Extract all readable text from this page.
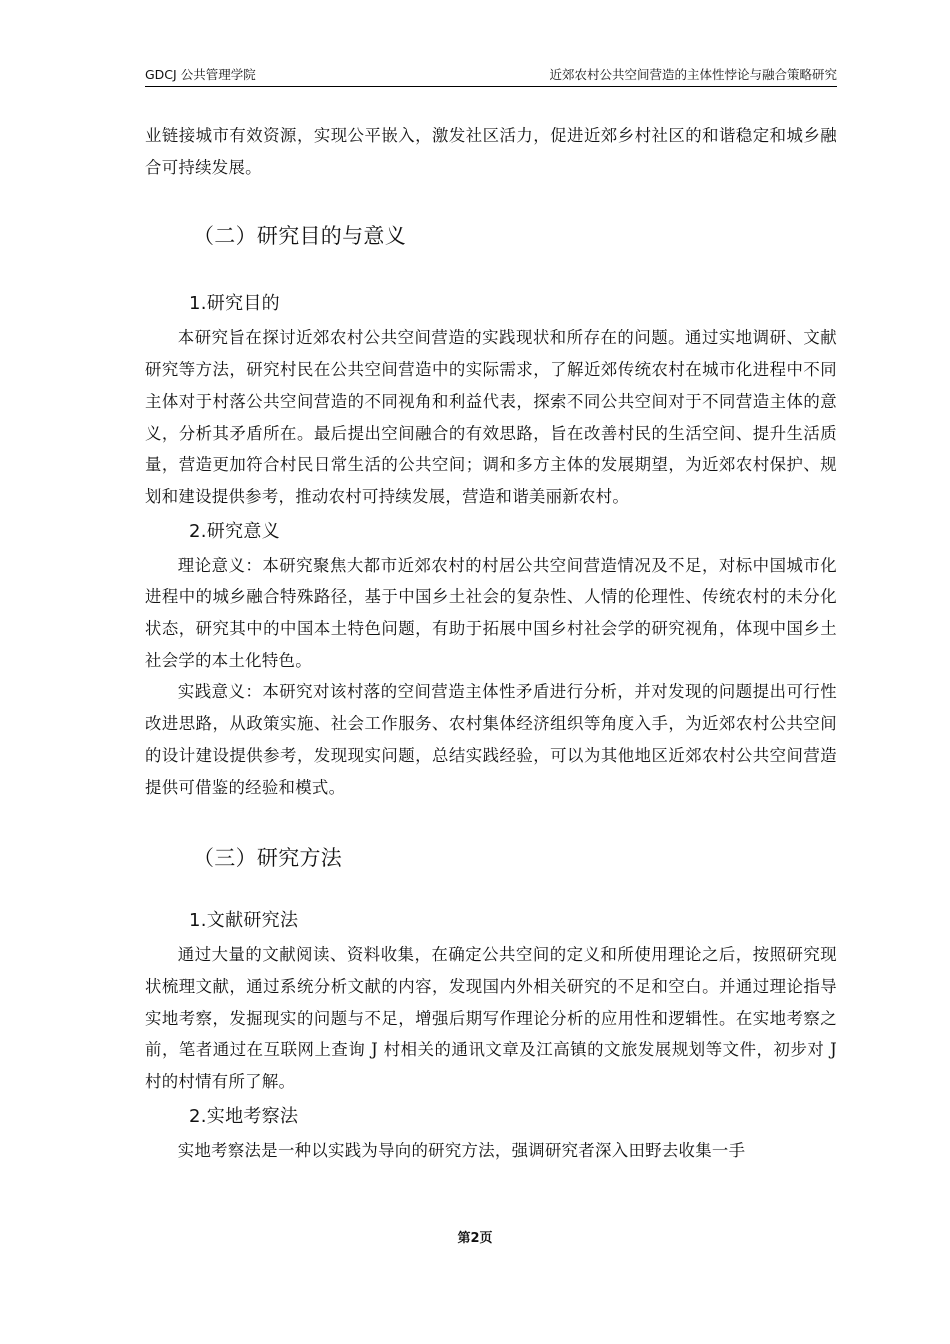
GDCJ 公共管理学院	近郊农村公共空间营造的主体性悖论与融合策略研究

业链接城市有效资源，实现公平嵌入，激发社区活力，促进近郊乡村社区的和谐稳定和城乡融合可持续发展。

（二）研究目的与意义
1.研究目的

本研究旨在探讨近郊农村公共空间营造的实践现状和所存在的问题。通过实地调研、文献研究等方法，研究村民在公共空间营造中的实际需求，了解近郊传统农村在城市化进程中不同主体对于村落公共空间营造的不同视角和利益代表，探索不同公共空间对于不同营造主体的意义，分析其矛盾所在。最后提出空间融合的有效思路，旨在改善村民的生活空间、提升生活质量，营造更加符合村民日常生活的公共空间；调和多方主体的发展期望，为近郊农村保护、规划和建设提供参考，推动农村可持续发展，营造和谐美丽新农村。

2.研究意义

理论意义：本研究聚焦大都市近郊农村的村居公共空间营造情况及不足，对标中国城市化进程中的城乡融合特殊路径，基于中国乡土社会的复杂性、人情的伦理性、传统农村的未分化状态，研究其中的中国本土特色问题，有助于拓展中国乡村社会学的研究视角，体现中国乡土社会学的本土化特色。

实践意义：本研究对该村落的空间营造主体性矛盾进行分析，并对发现的问题提出可行性改进思路，从政策实施、社会工作服务、农村集体经济组织等角度入手，为近郊农村公共空间的设计建设提供参考，发现现实问题，总结实践经验，可以为其他地区近郊农村公共空间营造提供可借鉴的经验和模式。

（三）研究方法
1.文献研究法

通过大量的文献阅读、资料收集，在确定公共空间的定义和所使用理论之后，按照研究现状梳理文献，通过系统分析文献的内容，发现国内外相关研究的不足和空白。并通过理论指导实地考察，发掘现实的问题与不足，增强后期写作理论分析的应用性和逻辑性。在实地考察之前，笔者通过在互联网上查询 J 村相关的通讯文章及江高镇的文旅发展规划等文件，初步对 J 村的村情有所了解。

2.实地考察法

实地考察法是一种以实践为导向的研究方法，强调研究者深入田野去收集一手

第2页
